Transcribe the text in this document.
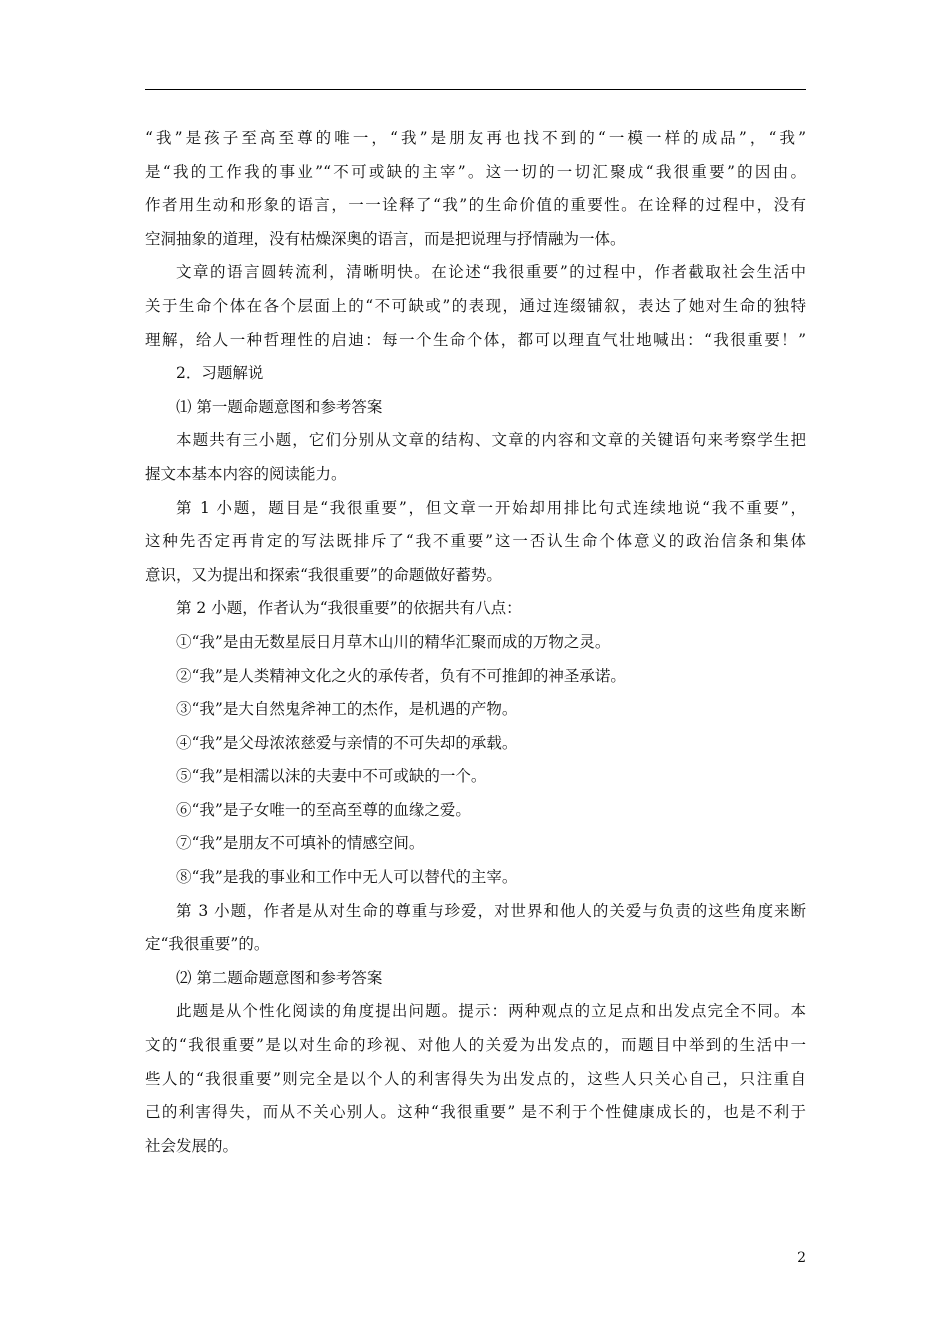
“我”是孩子至高至尊的唯一，“我”是朋友再也找不到的“一模一样的成品”，“我”
是“我的工作我的事业”“不可或缺的主宰”。这一切的一切汇聚成“我很重要”的因由。
作者用生动和形象的语言，一一诠释了“我”的生命价值的重要性。在诠释的过程中，没有
空洞抽象的道理，没有枯燥深奥的语言，而是把说理与抒情融为一体。
文章的语言圆转流利，清晰明快。在论述“我很重要”的过程中，作者截取社会生活中
关于生命个体在各个层面上的“不可缺或”的表现，通过连缀铺叙，表达了她对生命的独特
理解，给人一种哲理性的启迪：每一个生命个体，都可以理直气壮地喊出：“我很重要！”
2．习题解说
⑴ 第一题命题意图和参考答案
本题共有三小题，它们分别从文章的结构、文章的内容和文章的关键语句来考察学生把
握文本基本内容的阅读能力。
第 1 小题，题目是“我很重要”，但文章一开始却用排比句式连续地说“我不重要”，
这种先否定再肯定的写法既排斥了“我不重要”这一否认生命个体意义的政治信条和集体
意识，又为提出和探索“我很重要”的命题做好蓄势。
第 2 小题，作者认为“我很重要”的依据共有八点：
①“我”是由无数星辰日月草木山川的精华汇聚而成的万物之灵。
②“我”是人类精神文化之火的承传者，负有不可推卸的神圣承诺。
③“我”是大自然鬼斧神工的杰作，是机遇的产物。
④“我”是父母浓浓慈爱与亲情的不可失却的承载。
⑤“我”是相濡以沫的夫妻中不可或缺的一个。
⑥“我”是子女唯一的至高至尊的血缘之爱。
⑦“我”是朋友不可填补的情感空间。
⑧“我”是我的事业和工作中无人可以替代的主宰。
第 3 小题，作者是从对生命的尊重与珍爱，对世界和他人的关爱与负责的这些角度来断
定“我很重要”的。
⑵ 第二题命题意图和参考答案
此题是从个性化阅读的角度提出问题。提示：两种观点的立足点和出发点完全不同。本
文的“我很重要”是以对生命的珍视、对他人的关爱为出发点的，而题目中举到的生活中一
些人的“我很重要”则完全是以个人的利害得失为出发点的，这些人只关心自己，只注重自
己的利害得失，而从不关心别人。这种“我很重要” 是不利于个性健康成长的，也是不利于
社会发展的。
2
